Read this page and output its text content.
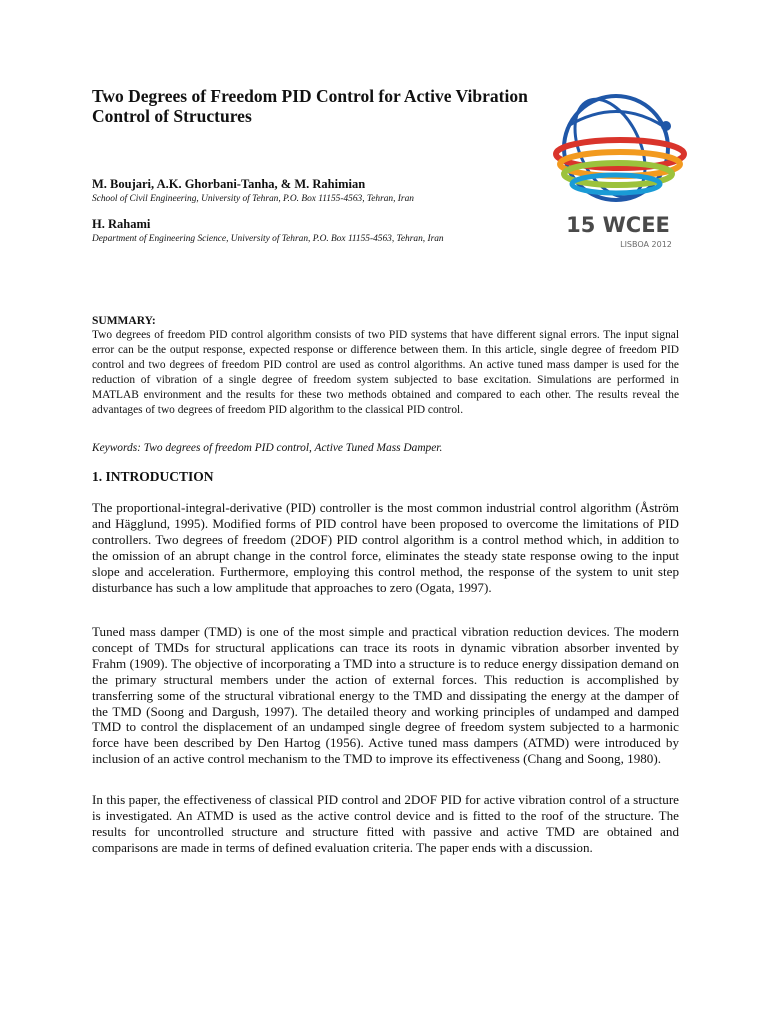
Two Degrees of Freedom PID Control for Active Vibration Control of Structures

M. Boujari, A.K. Ghorbani-Tanha, & M. Rahimian

School of Civil Engineering, University of Tehran, P.O. Box 11155-4563, Tehran, Iran

H. Rahami

Department of Engineering Science, University of Tehran, P.O. Box 11155-4563, Tehran, Iran

15 WCEE
LISBOA 2012

SUMMARY:

Two degrees of freedom PID control algorithm consists of two PID systems that have different signal errors. The input signal error can be the output response, expected response or difference between them. In this article, single degree of freedom PID control and two degrees of freedom PID control are used as control algorithms. An active tuned mass damper is used for the reduction of vibration of a single degree of freedom system subjected to base excitation. Simulations are performed in MATLAB environment and the results for these two methods obtained and compared to each other. The results reveal the advantages of two degrees of freedom PID algorithm to the classical PID control.

Keywords: Two degrees of freedom PID control, Active Tuned Mass Damper.

1. INTRODUCTION

The proportional-integral-derivative (PID) controller is the most common industrial control algorithm (Åström and Hägglund, 1995). Modified forms of PID control have been proposed to overcome the limitations of PID controllers. Two degrees of freedom (2DOF) PID control algorithm is a control method which, in addition to the omission of an abrupt change in the control force, eliminates the steady state response owing to the input slope and acceleration. Furthermore, employing this control method, the response of the system to unit step disturbance has such a low amplitude that approaches to zero (Ogata, 1997).

Tuned mass damper (TMD) is one of the most simple and practical vibration reduction devices. The modern concept of TMDs for structural applications can trace its roots in dynamic vibration absorber invented by Frahm (1909). The objective of incorporating a TMD into a structure is to reduce energy dissipation demand on the primary structural members under the action of external forces. This reduction is accomplished by transferring some of the structural vibrational energy to the TMD and dissipating the energy at the damper of the TMD (Soong and Dargush, 1997). The detailed theory and working principles of undamped and damped TMD to control the displacement of an undamped single degree of freedom system subjected to a harmonic force have been described by Den Hartog (1956). Active tuned mass dampers (ATMD) were introduced by inclusion of an active control mechanism to the TMD to improve its effectiveness (Chang and Soong, 1980).

In this paper, the effectiveness of classical PID control and 2DOF PID for active vibration control of a structure is investigated. An ATMD is used as the active control device and is fitted to the roof of the structure. The results for uncontrolled structure and structure fitted with passive and active TMD are obtained and comparisons are made in terms of defined evaluation criteria. The paper ends with a discussion.
